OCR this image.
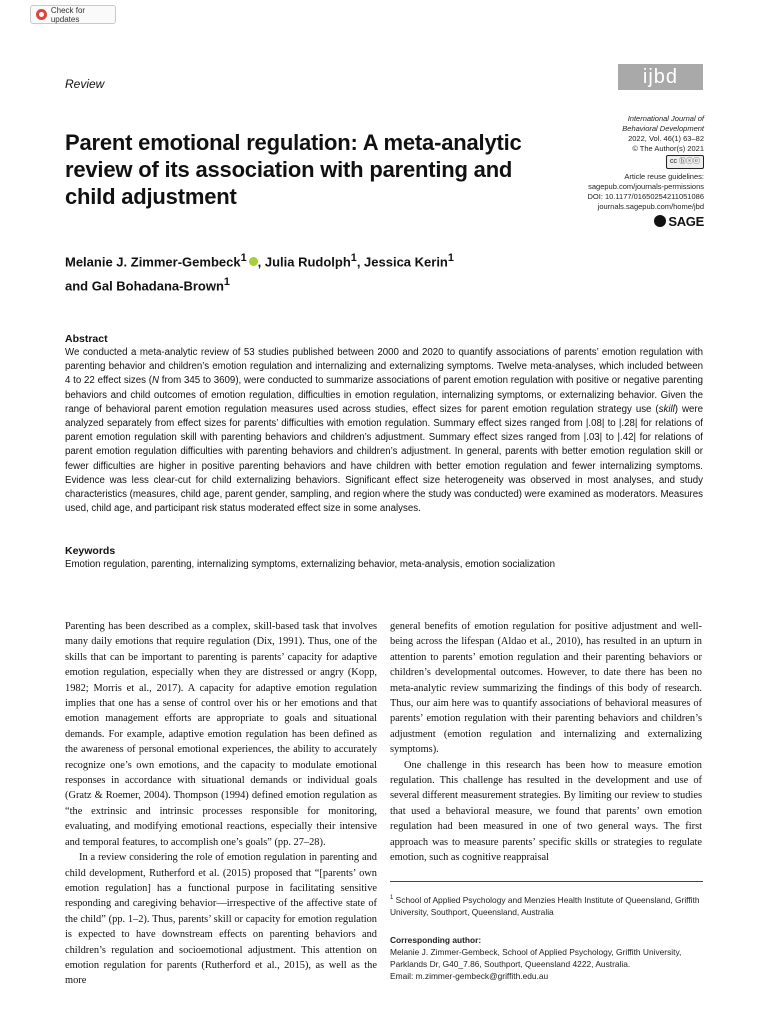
Check for updates
Review	ijbd
Parent emotional regulation: A meta-analytic review of its association with parenting and child adjustment
International Journal of
Behavioral Development
2022, Vol. 46(1) 63–82
© The Author(s) 2021
cc ⓑⓢⓔ
Article reuse guidelines:
sagepub.com/journals-permissions
DOI: 10.1177/01650254211051086
journals.sagepub.com/home/jbd
SAGE
Melanie J. Zimmer-Gembeck$^1$ , Julia Rudolph$^1$, Jessica Kerin$^1$
and Gal Bohadana-Brown$^1$
Abstract
We conducted a meta-analytic review of 53 studies published between 2000 and 2020 to quantify associations of parents’ emotion regulation with parenting behavior and children’s emotion regulation and internalizing and externalizing symptoms. Twelve meta-analyses, which included between 4 to 22 effect sizes (N from 345 to 3609), were conducted to summarize associations of parent emotion regulation with positive or negative parenting behaviors and child outcomes of emotion regulation, difficulties in emotion regulation, internalizing symptoms, or externalizing behavior. Given the range of behavioral parent emotion regulation measures used across studies, effect sizes for parent emotion regulation strategy use (skill) were analyzed separately from effect sizes for parents’ difficulties with emotion regulation. Summary effect sizes ranged from |.08| to |.28| for relations of parent emotion regulation skill with parenting behaviors and children’s adjustment. Summary effect sizes ranged from |.03| to |.42| for relations of parent emotion regulation difficulties with parenting behaviors and children’s adjustment. In general, parents with better emotion regulation skill or fewer difficulties are higher in positive parenting behaviors and have children with better emotion regulation and fewer internalizing symptoms. Evidence was less clear-cut for child externalizing behaviors. Significant effect size heterogeneity was observed in most analyses, and study characteristics (measures, child age, parent gender, sampling, and region where the study was conducted) were examined as moderators. Measures used, child age, and participant risk status moderated effect size in some analyses.
Keywords
Emotion regulation, parenting, internalizing symptoms, externalizing behavior, meta-analysis, emotion socialization

Parenting has been described as a complex, skill-based task that involves many daily emotions that require regulation (Dix, 1991). Thus, one of the skills that can be important to parenting is parents’ capacity for adaptive emotion regulation, especially when they are distressed or angry (Kopp, 1982; Morris et al., 2017). A capacity for adaptive emotion regulation implies that one has a sense of control over his or her emotions and that emotion management efforts are appropriate to goals and situational demands. For example, adaptive emotion regulation has been defined as the awareness of personal emotional experiences, the ability to accurately recognize one’s own emotions, and the capacity to modulate emotional responses in accordance with situational demands or individual goals (Gratz & Roemer, 2004). Thompson (1994) defined emotion regulation as “the extrinsic and intrinsic processes responsible for monitoring, evaluating, and modifying emotional reactions, especially their intensive and temporal features, to accomplish one’s goals” (pp. 27–28).

In a review considering the role of emotion regulation in parenting and child development, Rutherford et al. (2015) proposed that “[parents’ own emotion regulation] has a functional purpose in facilitating sensitive responding and caregiving behavior—irrespective of the affective state of the child” (pp. 1–2). Thus, parents’ skill or capacity for emotion regulation is expected to have downstream effects on parenting behaviors and children’s regulation and socioemotional adjustment. This attention on emotion regulation for parents (Rutherford et al., 2015), as well as the more

general benefits of emotion regulation for positive adjustment and well-being across the lifespan (Aldao et al., 2010), has resulted in an upturn in attention to parents’ emotion regulation and their parenting behaviors or children’s developmental outcomes. However, to date there has been no meta-analytic review summarizing the findings of this body of research. Thus, our aim here was to quantify associations of behavioral measures of parents’ emotion regulation with their parenting behaviors and children’s adjustment (emotion regulation and internalizing and externalizing symptoms).

One challenge in this research has been how to measure emotion regulation. This challenge has resulted in the development and use of several different measurement strategies. By limiting our review to studies that used a behavioral measure, we found that parents’ own emotion regulation had been measured in one of two general ways. The first approach was to measure parents’ specific skills or strategies to regulate emotion, such as cognitive reappraisal

$^1$ School of Applied Psychology and Menzies Health Institute of Queensland, Griffith University, Southport, Queensland, Australia
Corresponding author:
Melanie J. Zimmer-Gembeck, School of Applied Psychology, Griffith University, Parklands Dr, G40_7.86, Southport, Queensland 4222, Australia.
Email: m.zimmer-gembeck@griffith.edu.au
